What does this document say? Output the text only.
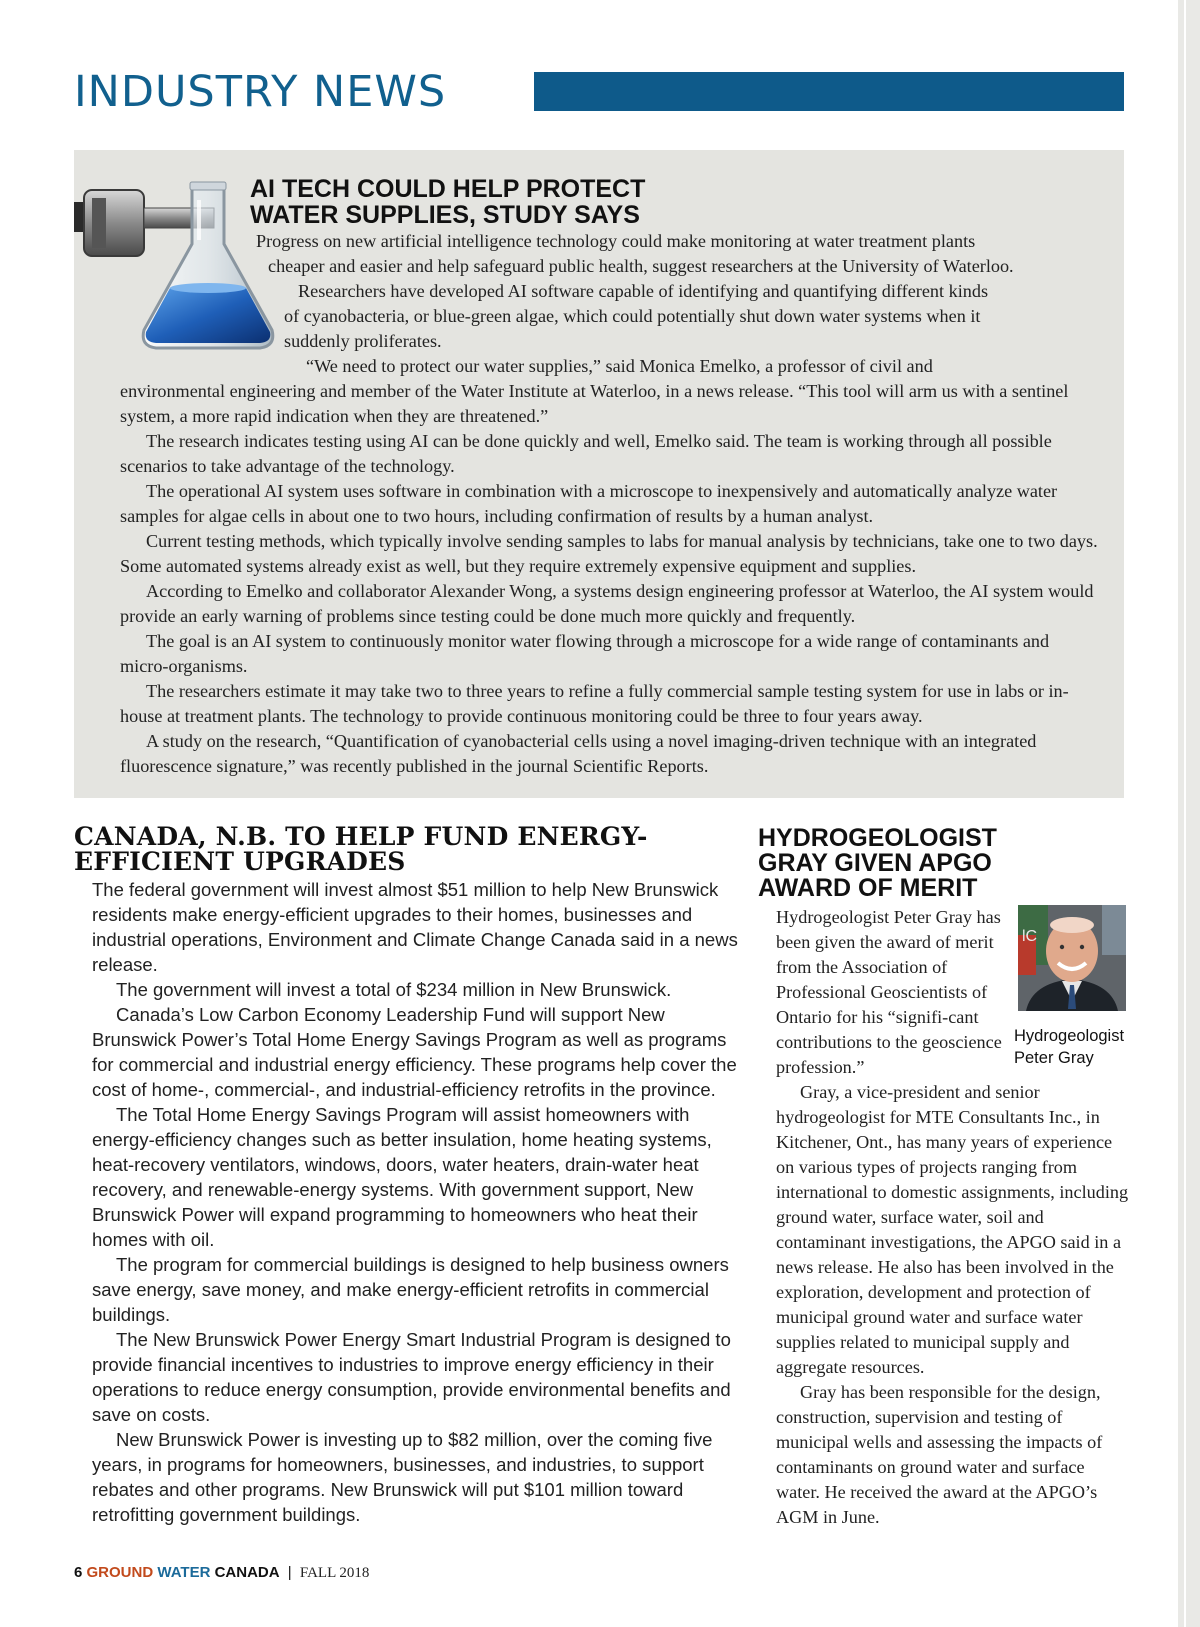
INDUSTRY NEWS
AI TECH COULD HELP PROTECT
WATER SUPPLIES, STUDY SAYS

Progress on new artificial intelligence technology could make monitoring at water treatment plants

cheaper and easier and help safeguard public health, suggest researchers at the University of Waterloo.

Researchers have developed AI software capable of identifying and quantifying different kinds

of cyanobacteria, or blue-green algae, which could potentially shut down water systems when it

suddenly proliferates.

“We need to protect our water supplies,” said Monica Emelko, a professor of civil and

environmental engineering and member of the Water Institute at Waterloo, in a news release. “This tool will arm us with a sentinel system, a more rapid indication when they are threatened.”

The research indicates testing using AI can be done quickly and well, Emelko said. The team is working through all possible scenarios to take advantage of the technology.

The operational AI system uses software in combination with a microscope to inexpensively and automatically analyze water samples for algae cells in about one to two hours, including confirmation of results by a human analyst.

Current testing methods, which typically involve sending samples to labs for manual analysis by technicians, take one to two days. Some automated systems already exist as well, but they require extremely expensive equipment and supplies.

According to Emelko and collaborator Alexander Wong, a systems design engineering professor at Waterloo, the AI system would provide an early warning of problems since testing could be done much more quickly and frequently.

The goal is an AI system to continuously monitor water flowing through a microscope for a wide range of contaminants and micro-organisms.

The researchers estimate it may take two to three years to refine a fully commercial sample testing system for use in labs or in-house at treatment plants. The technology to provide continuous monitoring could be three to four years away.

A study on the research, “Quantification of cyanobacterial cells using a novel imaging-driven technique with an integrated fluorescence signature,” was recently published in the journal Scientific Reports.

CANADA, N.B. TO HELP FUND ENERGY-
EFFICIENT UPGRADES

The federal government will invest almost $51 million to help New Brunswick residents make energy-efficient upgrades to their homes, businesses and industrial operations, Environment and Climate Change Canada said in a news release.

The government will invest a total of $234 million in New Brunswick.

Canada’s Low Carbon Economy Leadership Fund will support New Brunswick Power’s Total Home Energy Savings Program as well as programs for commercial and industrial energy efficiency. These programs help cover the cost of home-, commercial-, and industrial-efficiency retrofits in the province.

The Total Home Energy Savings Program will assist homeowners with energy-efficiency changes such as better insulation, home heating systems, heat-recovery ventilators, windows, doors, water heaters, drain-water heat recovery, and renewable-energy systems. With government support, New Brunswick Power will expand programming to homeowners who heat their homes with oil.

The program for commercial buildings is designed to help business owners save energy, save money, and make energy-efficient retrofits in commercial buildings.

The New Brunswick Power Energy Smart Industrial Program is designed to provide financial incentives to industries to improve energy efficiency in their operations to reduce energy consumption, provide environmental benefits and save on costs.

New Brunswick Power is investing up to $82 million, over the coming five years, in programs for homeowners, businesses, and industries, to support rebates and other programs. New Brunswick will put $101 million toward retrofitting government buildings.

HYDROGEOLOGIST
GRAY GIVEN APGO
AWARD OF MERIT
lC
Hydrogeologist
Peter Gray

Hydrogeologist Peter Gray has been given the award of merit from the Association of Professional Geoscientists of Ontario for his “signifi-cant contributions to the geoscience profession.”

Gray, a vice-president and senior hydrogeologist for MTE Consultants Inc., in Kitchener, Ont., has many years of experience on various types of projects ranging from international to domestic assignments, including ground water, surface water, soil and contaminant investigations, the APGO said in a news release. He also has been involved in the exploration, development and protection of municipal ground water and surface water supplies related to municipal supply and aggregate resources.

Gray has been responsible for the design, construction, supervision and testing of municipal wells and assessing the impacts of contaminants on ground water and surface water. He received the award at the APGO’s AGM in June.

6 GROUND WATER CANADA | FALL 2018
